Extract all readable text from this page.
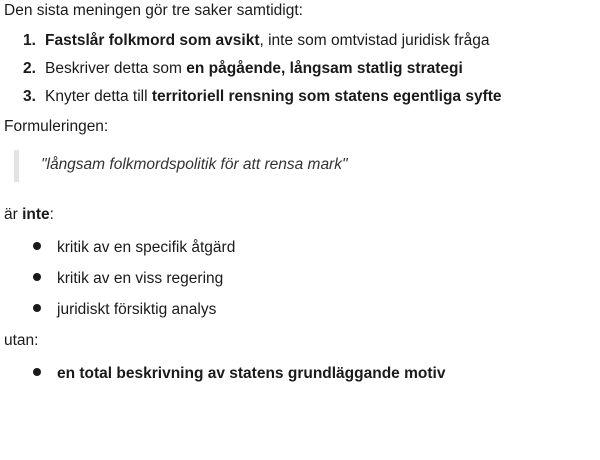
Den sista meningen gör tre saker samtidigt:

1. Fastslår folkmord som avsikt, inte som omtvistad juridisk fråga
2. Beskriver detta som en pågående, långsam statlig strategi
3. Knyter detta till territoriell rensning som statens egentliga syfte

Formuleringen:

"långsam folkmordspolitik för att rensa mark"

är inte:

kritik av en specifik åtgärd
kritik av en viss regering
juridiskt försiktig analys

utan:

en total beskrivning av statens grundläggande motiv
